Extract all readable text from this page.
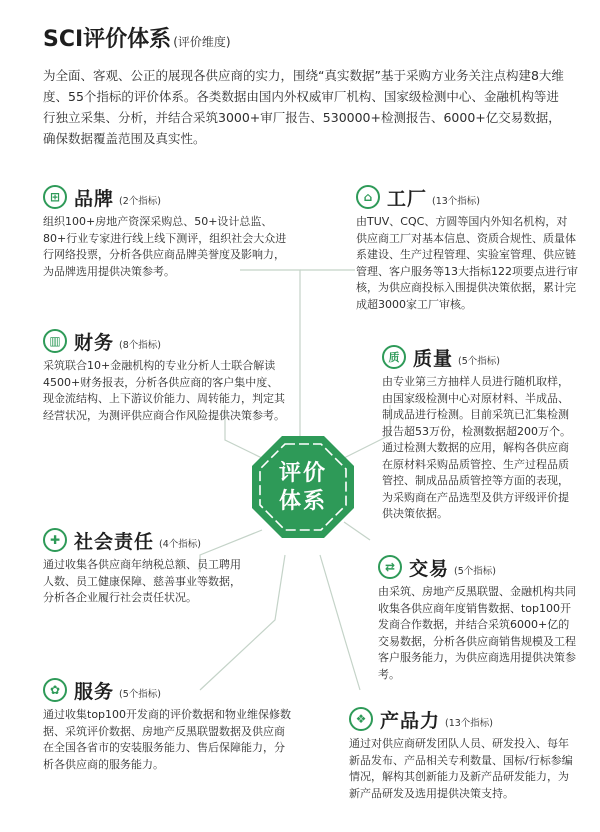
SCI评价体系 (评价维度)
为全面、客观、公正的展现各供应商的实力，围绕“真实数据”基于采购方业务关注点构建8大维度、55个指标的评价体系。各类数据由国内外权威审厂机构、国家级检测中心、金融机构等进行独立采集、分析，并结合采筑3000+审厂报告、530000+检测报告、6000+亿交易数据，确保数据覆盖范围及真实性。
评价
体系
⊞ 品牌 (2个指标)
组织100+房地产资深采购总、50+设计总监、80+行业专家进行线上线下测评，组织社会大众进行网络投票，分析各供应商品牌美誉度及影响力，为品牌选用提供决策参考。
⌂ 工厂 (13个指标)
由TUV、CQC、方圆等国内外知名机构，对供应商工厂对基本信息、资质合规性、质量体系建设、生产过程管理、实验室管理、供应链管理、客户服务等13大指标122项要点进行审核，为供应商投标入围提供决策依据，累计完成超3000家工厂审核。
▥ 财务 (8个指标)
采筑联合10+金融机构的专业分析人士联合解读4500+财务报表，分析各供应商的客户集中度、现金流结构、上下游议价能力、周转能力，判定其经营状况，为测评供应商合作风险提供决策参考。
质 质量 (5个指标)
由专业第三方抽样人员进行随机取样，由国家级检测中心对原材料、半成品、制成品进行检测。目前采筑已汇集检测报告超53万份，检测数据超200万个。通过检测大数据的应用，解构各供应商在原材料采购品质管控、生产过程品质管控、制成品品质管控等方面的表现，为采购商在产品选型及供方评级评价提供决策依据。
✚ 社会责任 (4个指标)
通过收集各供应商年纳税总额、员工聘用人数、员工健康保障、慈善事业等数据，分析各企业履行社会责任状况。
⇄ 交易 (5个指标)
由采筑、房地产反黑联盟、金融机构共同收集各供应商年度销售数据、top100开发商合作数据，并结合采筑6000+亿的交易数据，分析各供应商销售规模及工程客户服务能力，为供应商选用提供决策参考。
✿ 服务 (5个指标)
通过收集top100开发商的评价数据和物业维保修数据、采筑评价数据、房地产反黑联盟数据及供应商在全国各省市的安装服务能力、售后保障能力，分析各供应商的服务能力。
❖ 产品力 (13个指标)
通过对供应商研发团队人员、研发投入、每年新品发布、产品相关专利数量、国标/行标参编情况，解构其创新能力及新产品研发能力，为新产品研发及选用提供决策支持。
